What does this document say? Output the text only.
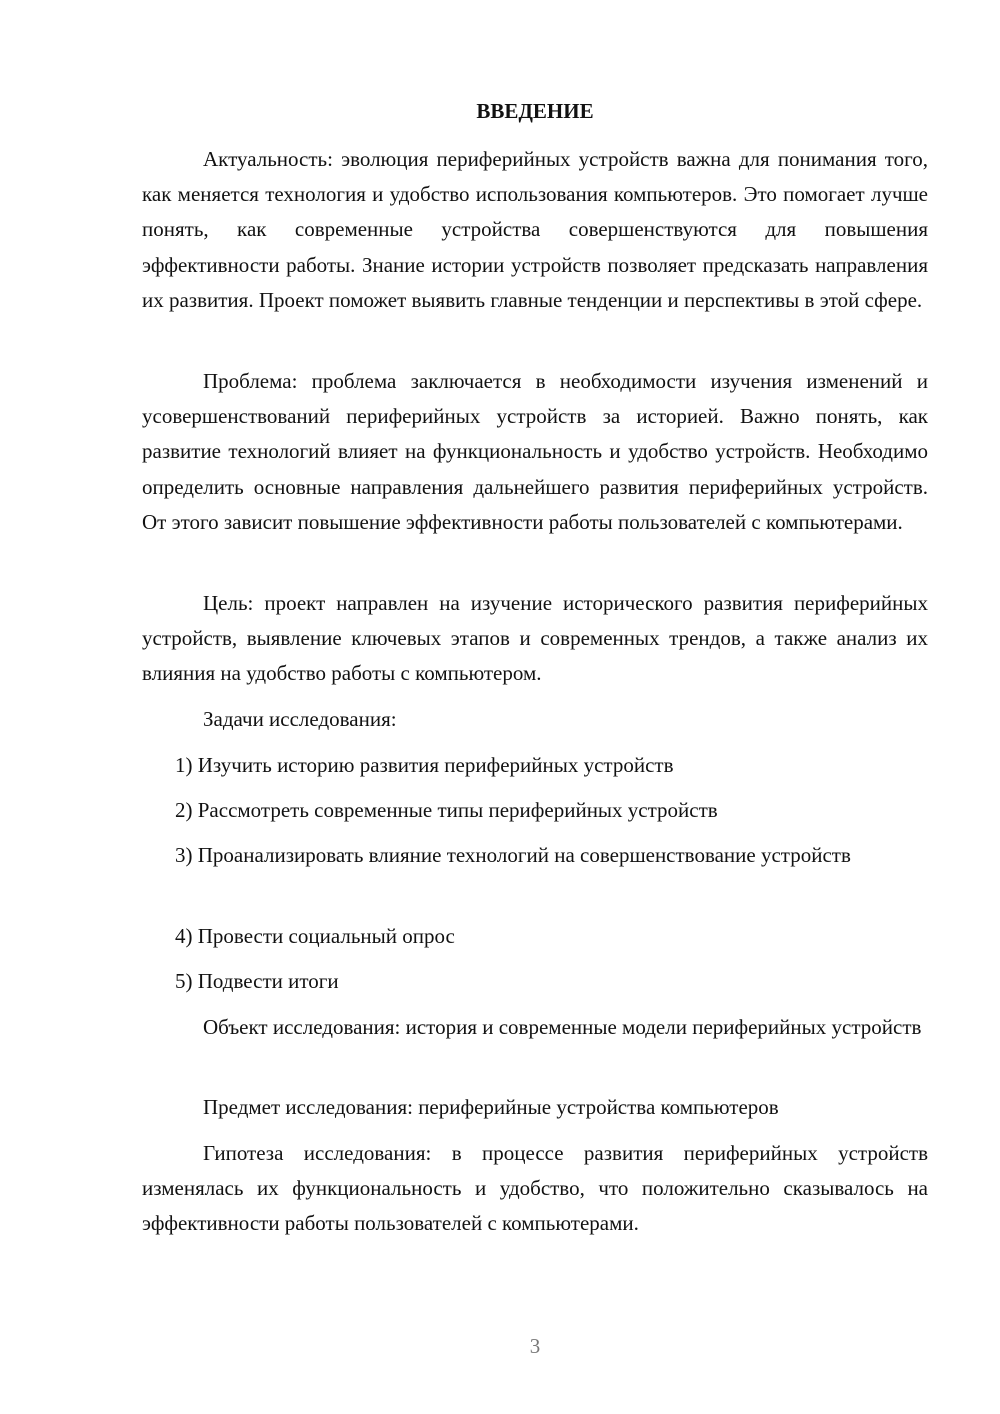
ВВЕДЕНИЕ

Актуальность: эволюция периферийных устройств важна для понимания того, как меняется технология и удобство использования компьютеров. Это помогает лучше понять, как современные устройства совершенствуются для повышения эффективности работы. Знание истории устройств позволяет предсказать направления их развития. Проект поможет выявить главные тенденции и перспективы в этой сфере.

Проблема: проблема заключается в необходимости изучения изменений и усовершенствований периферийных устройств за историей. Важно понять, как развитие технологий влияет на функциональность и удобство устройств. Необходимо определить основные направления дальнейшего развития периферийных устройств. От этого зависит повышение эффективности работы пользователей с компьютерами.

Цель: проект направлен на изучение исторического развития периферийных устройств, выявление ключевых этапов и современных трендов, а также анализ их влияния на удобство работы с компьютером.

Задачи исследования:

1) Изучить историю развития периферийных устройств

2) Рассмотреть современные типы периферийных устройств

3) Проанализировать влияние технологий на совершенствование устройств

4) Провести социальный опрос

5) Подвести итоги

Объект исследования: история и современные модели периферийных устройств

Предмет исследования: периферийные устройства компьютеров

Гипотеза исследования: в процессе развития периферийных устройств изменялась их функциональность и удобство, что положительно сказывалось на эффективности работы пользователей с компьютерами.

3
